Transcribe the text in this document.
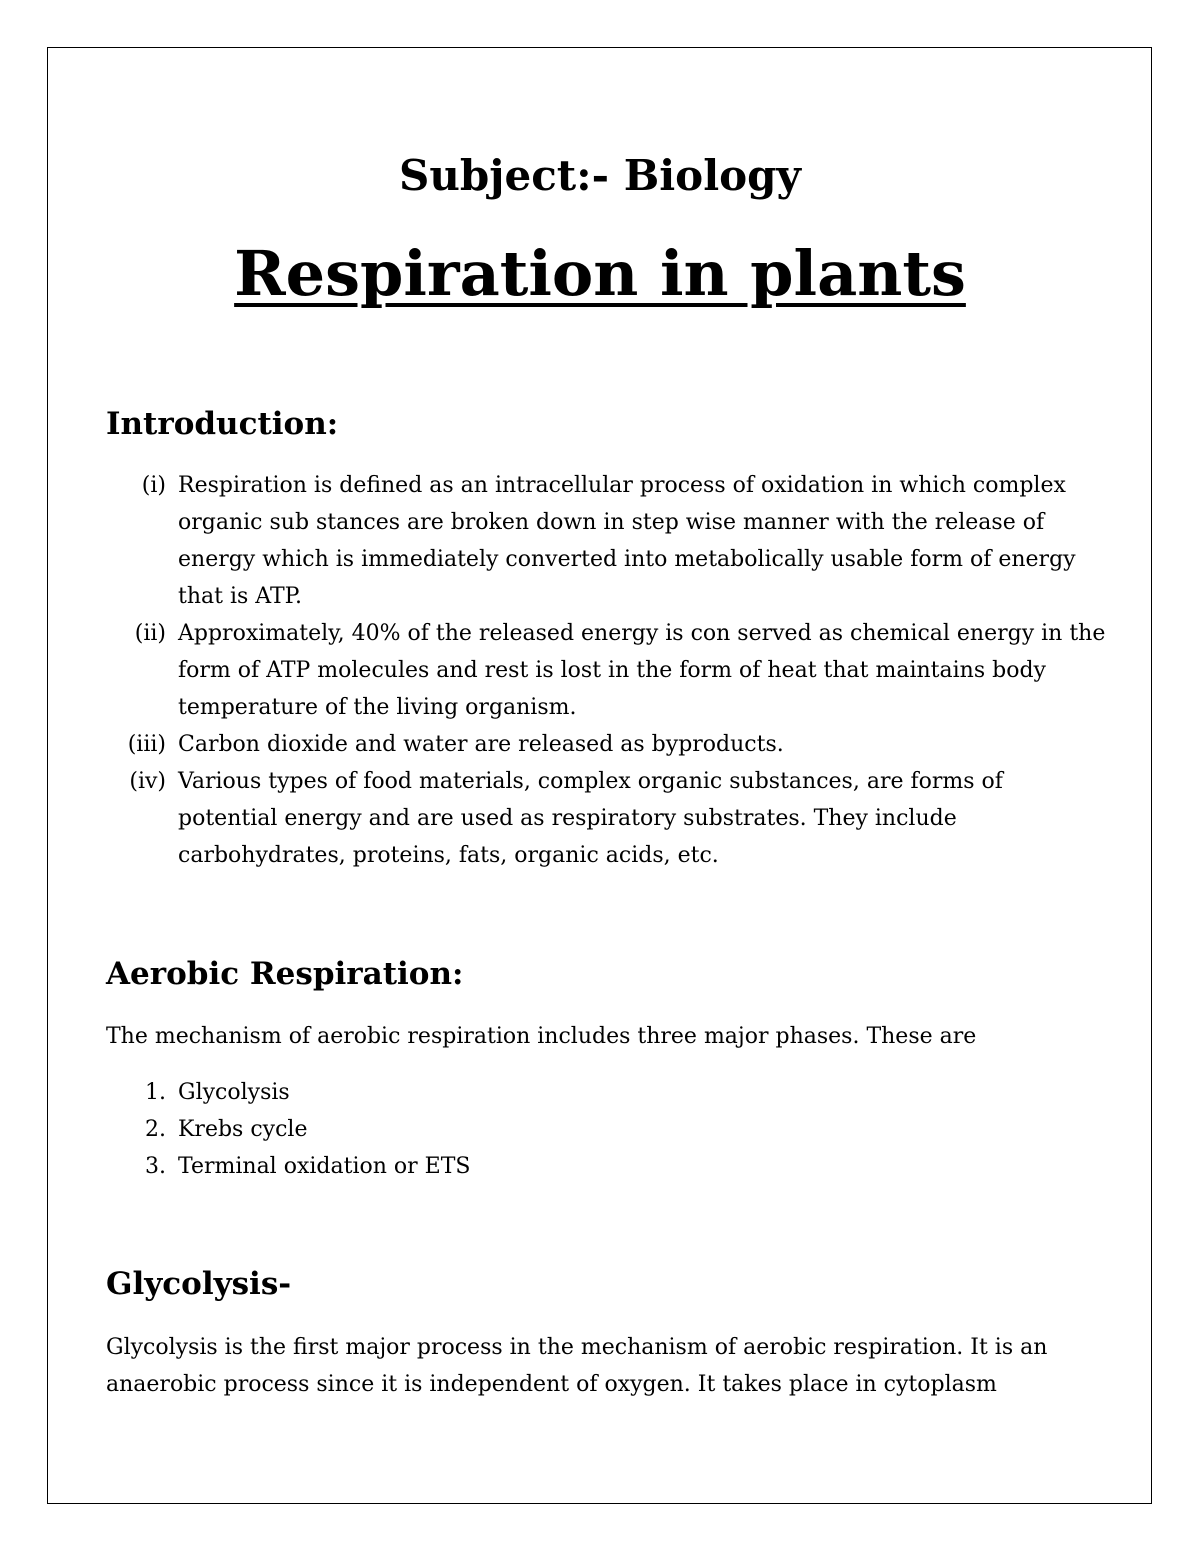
Subject:- Biology
Respiration in plants
Introduction:
(i) Respiration is defined as an intracellular process of oxidation in which complex organic sub stances are broken down in step wise manner with the release of energy which is immediately converted into metabolically usable form of energy that is ATP.
(ii) Approximately, 40% of the released energy is con served as chemical energy in the form of ATP molecules and rest is lost in the form of heat that maintains body temperature of the living organism.
(iii) Carbon dioxide and water are released as byproducts.
(iv) Various types of food materials, complex organic substances, are forms of potential energy and are used as respiratory substrates. They include carbohydrates, proteins, fats, organic acids, etc.
Aerobic Respiration:
The mechanism of aerobic respiration includes three major phases. These are
1. Glycolysis
2. Krebs cycle
3. Terminal oxidation or ETS
Glycolysis-
Glycolysis is the first major process in the mechanism of aerobic respiration. It is an anaerobic process since it is independent of oxygen. It takes place in cytoplasm
